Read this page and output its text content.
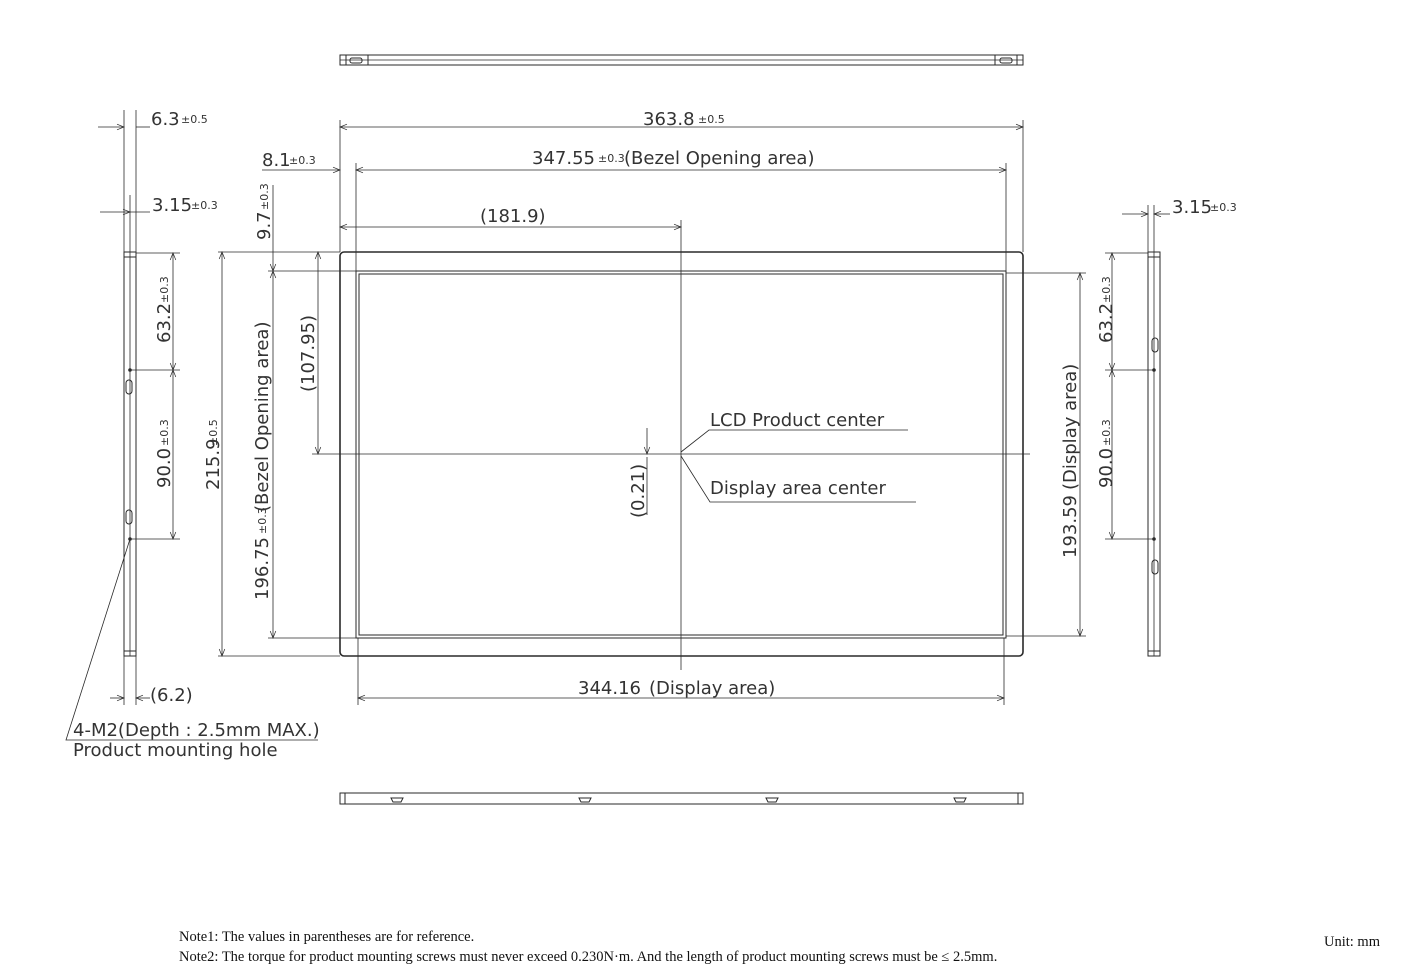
363.8 ±0.5
347.55 ±0.3 (Bezel Opening area)
8.1
±0.3
(181.9)
344.16 (Display area)
9.7
±0.3
215.9
±0.5
196.75
±0.3
(Bezel Opening area) (107.95)
(0.21)
193.59
(Display area)
6.3 ±0.5
3.15
±0.3	3.15
±0.3
(6.2)
63.2
±0.3
90.0
±0.3
63.2
±0.3
90.0
±0.3
LCD Product center
Display area center
4-M2(Depth : 2.5mm MAX.)
Product mounting hole
Note1: The values in parentheses are for reference.
Note2: The torque for product mounting screws must never exceed 0.230N·m. And the length of product mounting screws must be ≤ 2.5mm.
Unit: mm
